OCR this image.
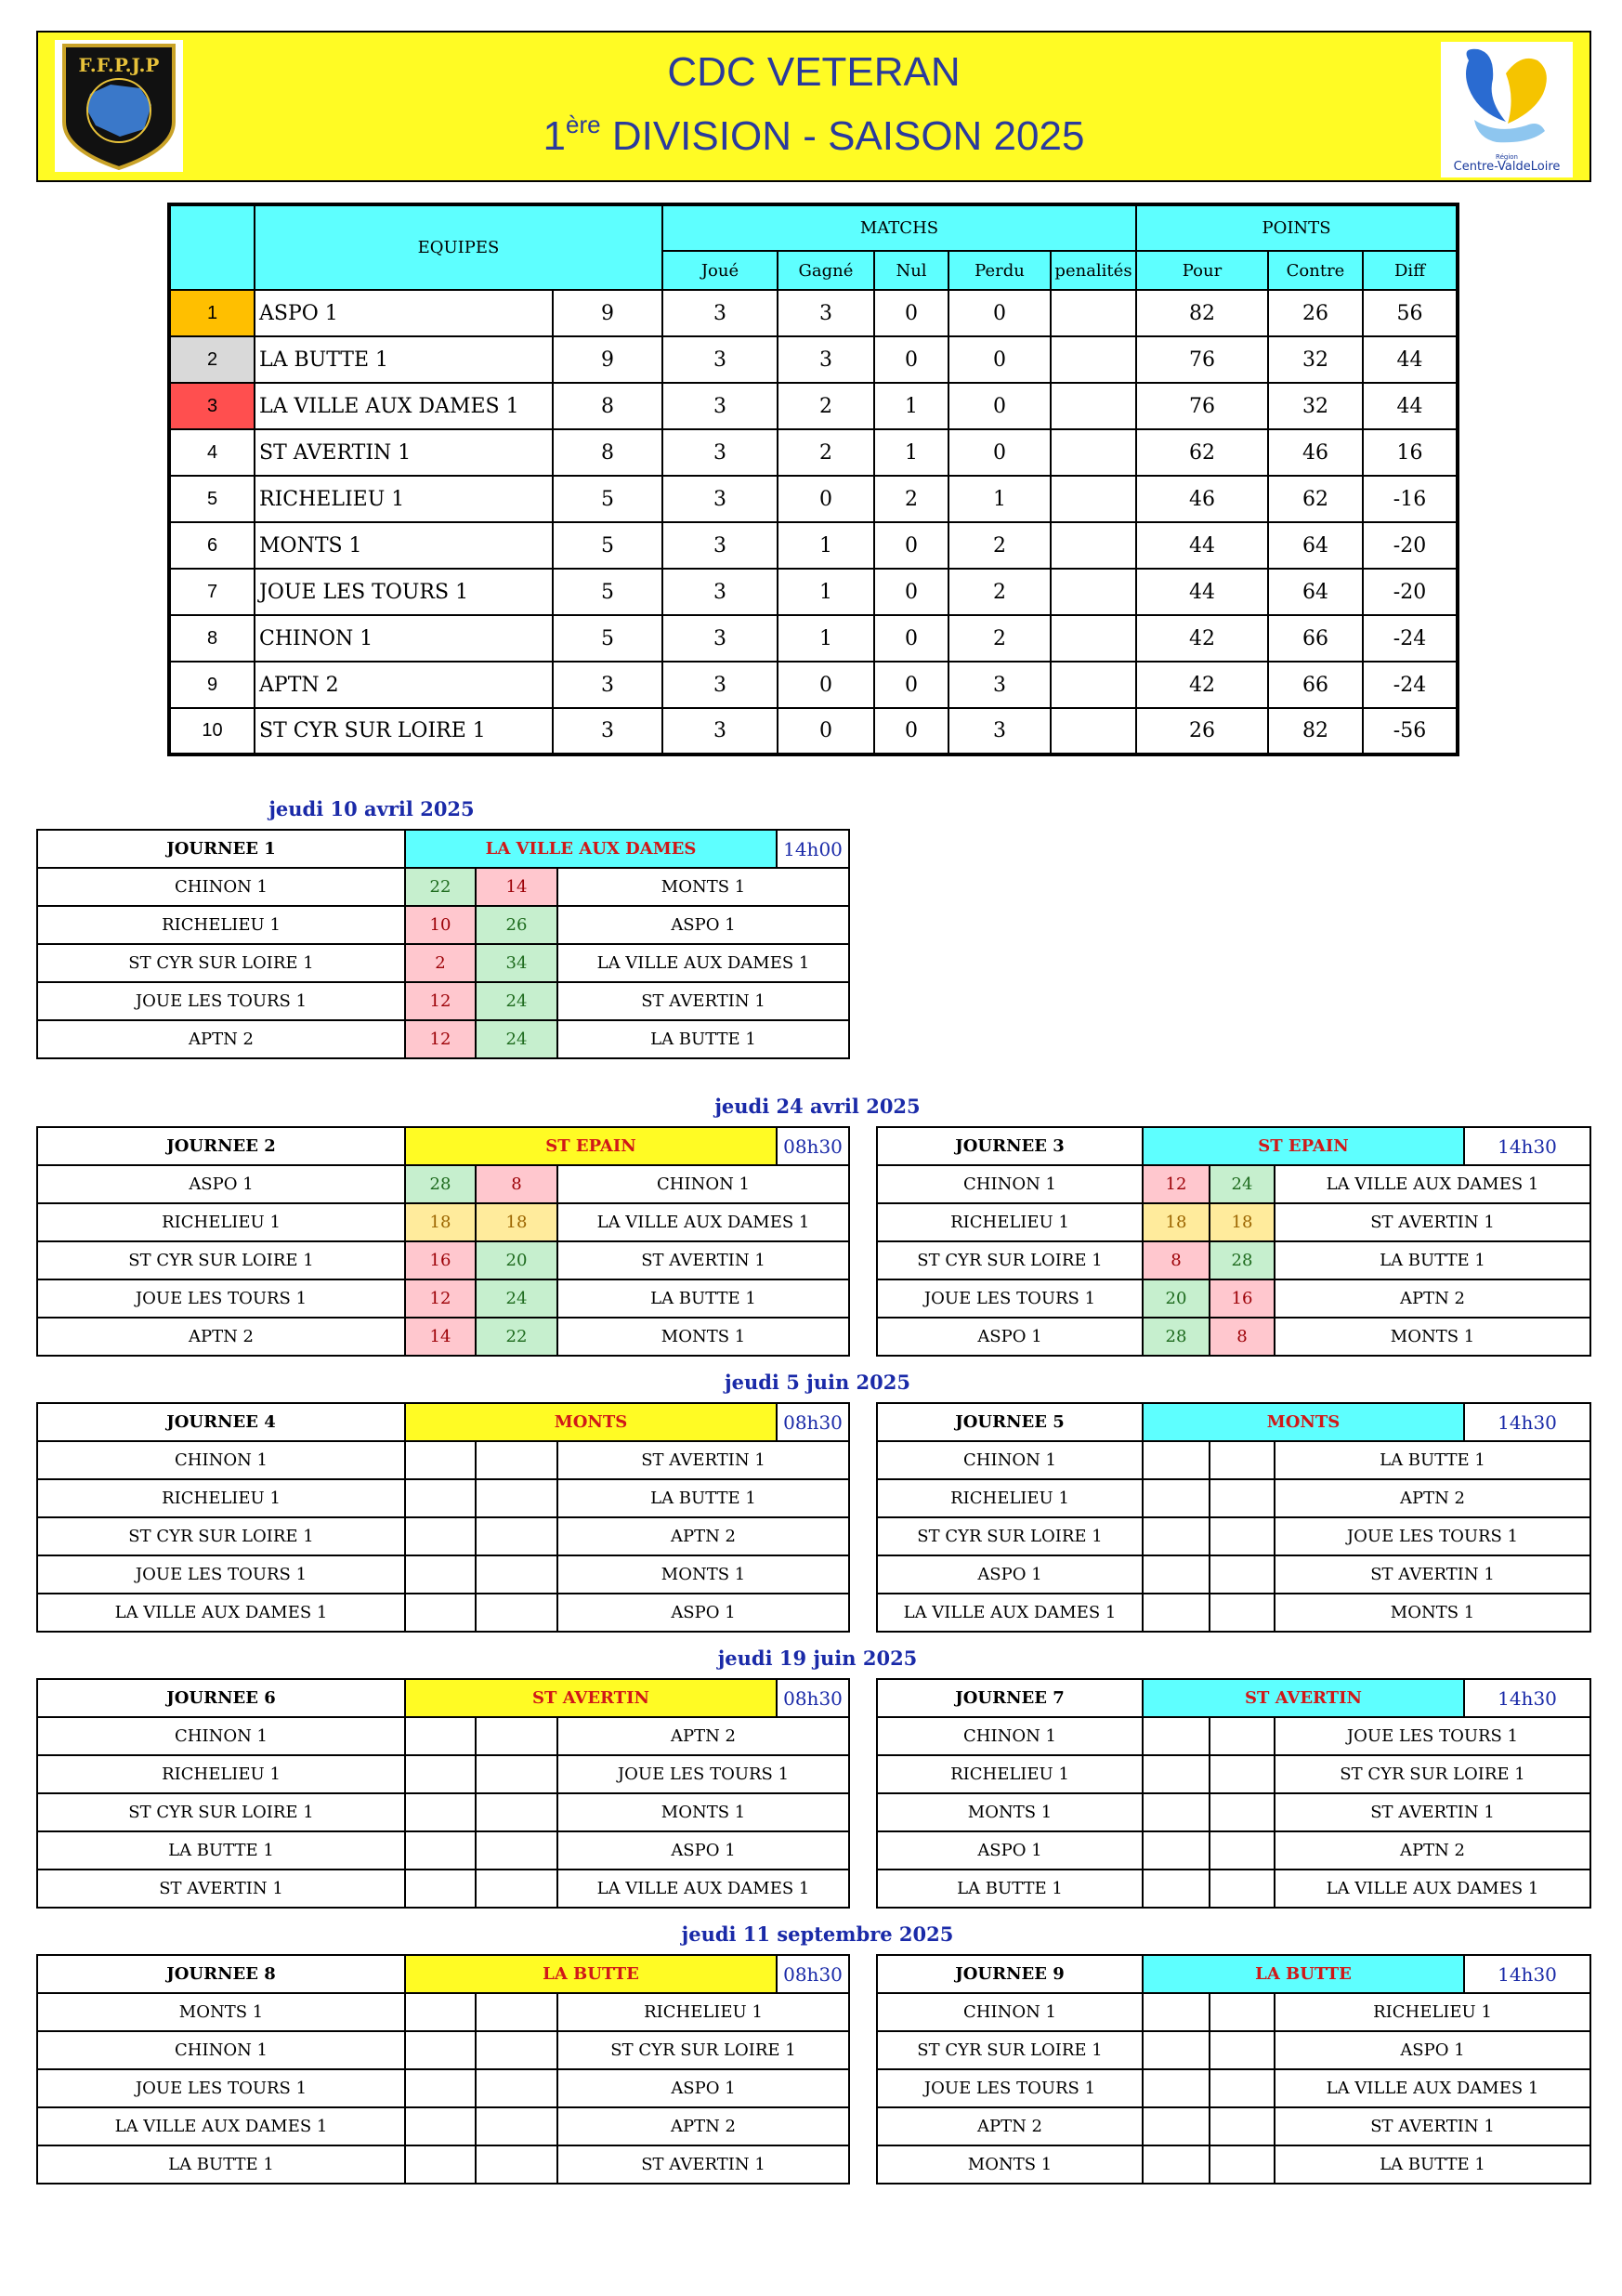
F.F.P.J.P	CDC VETERAN
1ère DIVISION - SAISON 2025	Région
Centre-ValdeLoire
	EQUIPES		MATCHS					POINTS		
			Joué	Gagné	Nul	Perdu	penalités	Pour	Contre	Diff
1	ASPO 1	9	3	3	0	0		82	26	56
2	LA BUTTE 1	9	3	3	0	0		76	32	44
3	LA VILLE AUX DAMES 1	8	3	2	1	0		76	32	44
4	ST AVERTIN 1	8	3	2	1	0		62	46	16
5	RICHELIEU 1	5	3	0	2	1		46	62	-16
6	MONTS 1	5	3	1	0	2		44	64	-20
7	JOUE LES TOURS 1	5	3	1	0	2		44	64	-20
8	CHINON 1	5	3	1	0	2		42	66	-24
9	APTN 2	3	3	0	0	3		42	66	-24
10	ST CYR SUR LOIRE 1	3	3	0	0	3		26	82	-56
jeudi 10 avril 2025
jeudi 24 avril 2025
jeudi 5 juin 2025
jeudi 19 juin 2025
jeudi 11 septembre 2025
JOURNEE 1	LA VILLE AUX DAMES			14h00
CHINON 1	22	14	MONTS 1	
RICHELIEU 1	10	26	ASPO 1	
ST CYR SUR LOIRE 1	2	34	LA VILLE AUX DAMES 1	
JOUE LES TOURS 1	12	24	ST AVERTIN 1	
APTN 2	12	24	LA BUTTE 1	
JOURNEE 2	ST EPAIN			08h30
ASPO 1	28	8	CHINON 1	
RICHELIEU 1	18	18	LA VILLE AUX DAMES 1	
ST CYR SUR LOIRE 1	16	20	ST AVERTIN 1	
JOUE LES TOURS 1	12	24	LA BUTTE 1	
APTN 2	14	22	MONTS 1	
JOURNEE 3	ST EPAIN			14h30
CHINON 1	12	24	LA VILLE AUX DAMES 1	
RICHELIEU 1	18	18	ST AVERTIN 1	
ST CYR SUR LOIRE 1	8	28	LA BUTTE 1	
JOUE LES TOURS 1	20	16	APTN 2	
ASPO 1	28	8	MONTS 1	
JOURNEE 4	MONTS			08h30
CHINON 1			ST AVERTIN 1	
RICHELIEU 1			LA BUTTE 1	
ST CYR SUR LOIRE 1			APTN 2	
JOUE LES TOURS 1			MONTS 1	
LA VILLE AUX DAMES 1			ASPO 1	
JOURNEE 5	MONTS			14h30
CHINON 1			LA BUTTE 1	
RICHELIEU 1			APTN 2	
ST CYR SUR LOIRE 1			JOUE LES TOURS 1	
ASPO 1			ST AVERTIN 1	
LA VILLE AUX DAMES 1			MONTS 1	
JOURNEE 6	ST AVERTIN			08h30
CHINON 1			APTN 2	
RICHELIEU 1			JOUE LES TOURS 1	
ST CYR SUR LOIRE 1			MONTS 1	
LA BUTTE 1			ASPO 1	
ST AVERTIN 1			LA VILLE AUX DAMES 1	
JOURNEE 7	ST AVERTIN			14h30
CHINON 1			JOUE LES TOURS 1	
RICHELIEU 1			ST CYR SUR LOIRE 1	
MONTS 1			ST AVERTIN 1	
ASPO 1			APTN 2	
LA BUTTE 1			LA VILLE AUX DAMES 1	
JOURNEE 8	LA BUTTE			08h30
MONTS 1			RICHELIEU 1	
CHINON 1			ST CYR SUR LOIRE 1	
JOUE LES TOURS 1			ASPO 1	
LA VILLE AUX DAMES 1			APTN 2	
LA BUTTE 1			ST AVERTIN 1	
JOURNEE 9	LA BUTTE			14h30
CHINON 1			RICHELIEU 1	
ST CYR SUR LOIRE 1			ASPO 1	
JOUE LES TOURS 1			LA VILLE AUX DAMES 1	
APTN 2			ST AVERTIN 1	
MONTS 1			LA BUTTE 1	
